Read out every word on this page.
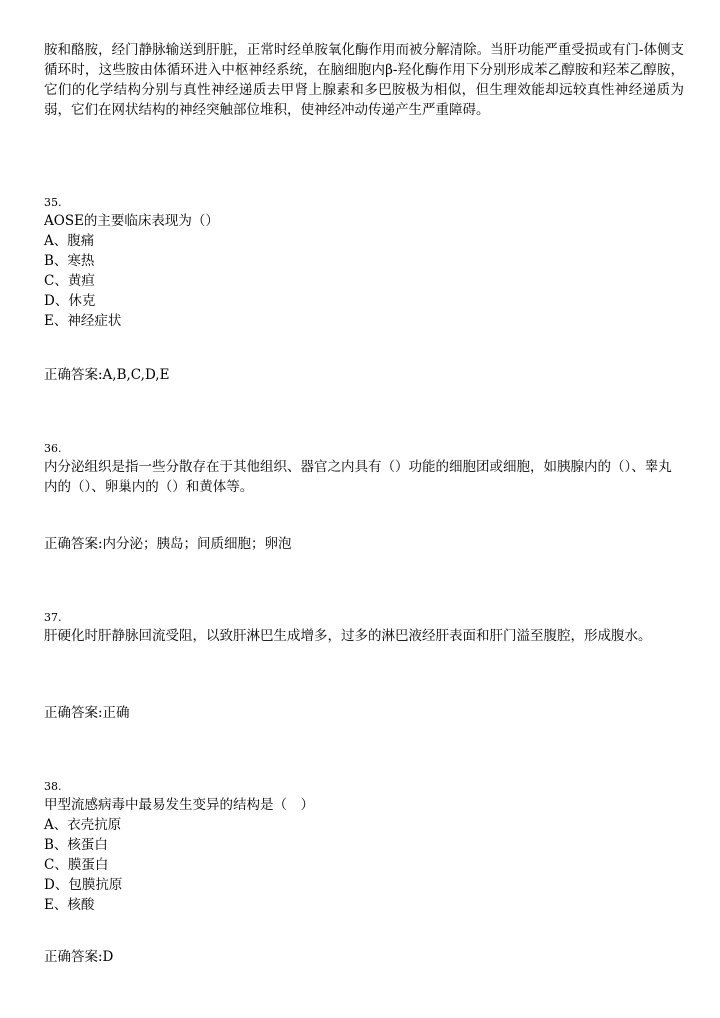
胺和酪胺，经门静脉输送到肝脏，正常时经单胺氧化酶作用而被分解清除。当肝功能严重受损或有门-体侧支循环时，这些胺由体循环进入中枢神经系统，在脑细胞内β-羟化酶作用下分别形成苯乙醇胺和羟苯乙醇胺，它们的化学结构分别与真性神经递质去甲肾上腺素和多巴胺极为相似，但生理效能却远较真性神经递质为弱，它们在网状结构的神经突触部位堆积，使神经冲动传递产生严重障碍。

35.

AOSE的主要临床表现为（）

A、腹痛
B、寒热
C、黄疸
D、休克
E、神经症状

正确答案:A,B,C,D,E

36.

内分泌组织是指一些分散存在于其他组织、器官之内具有（）功能的细胞团或细胞，如胰腺内的（）、睾丸内的（）、卵巢内的（）和黄体等。

正确答案:内分泌；胰岛；间质细胞；卵泡

37.

肝硬化时肝静脉回流受阻，以致肝淋巴生成增多，过多的淋巴液经肝表面和肝门溢至腹腔，形成腹水。

正确答案:正确

38.

甲型流感病毒中最易发生变异的结构是（　）

A、衣壳抗原
B、核蛋白
C、膜蛋白
D、包膜抗原
E、核酸

正确答案:D
